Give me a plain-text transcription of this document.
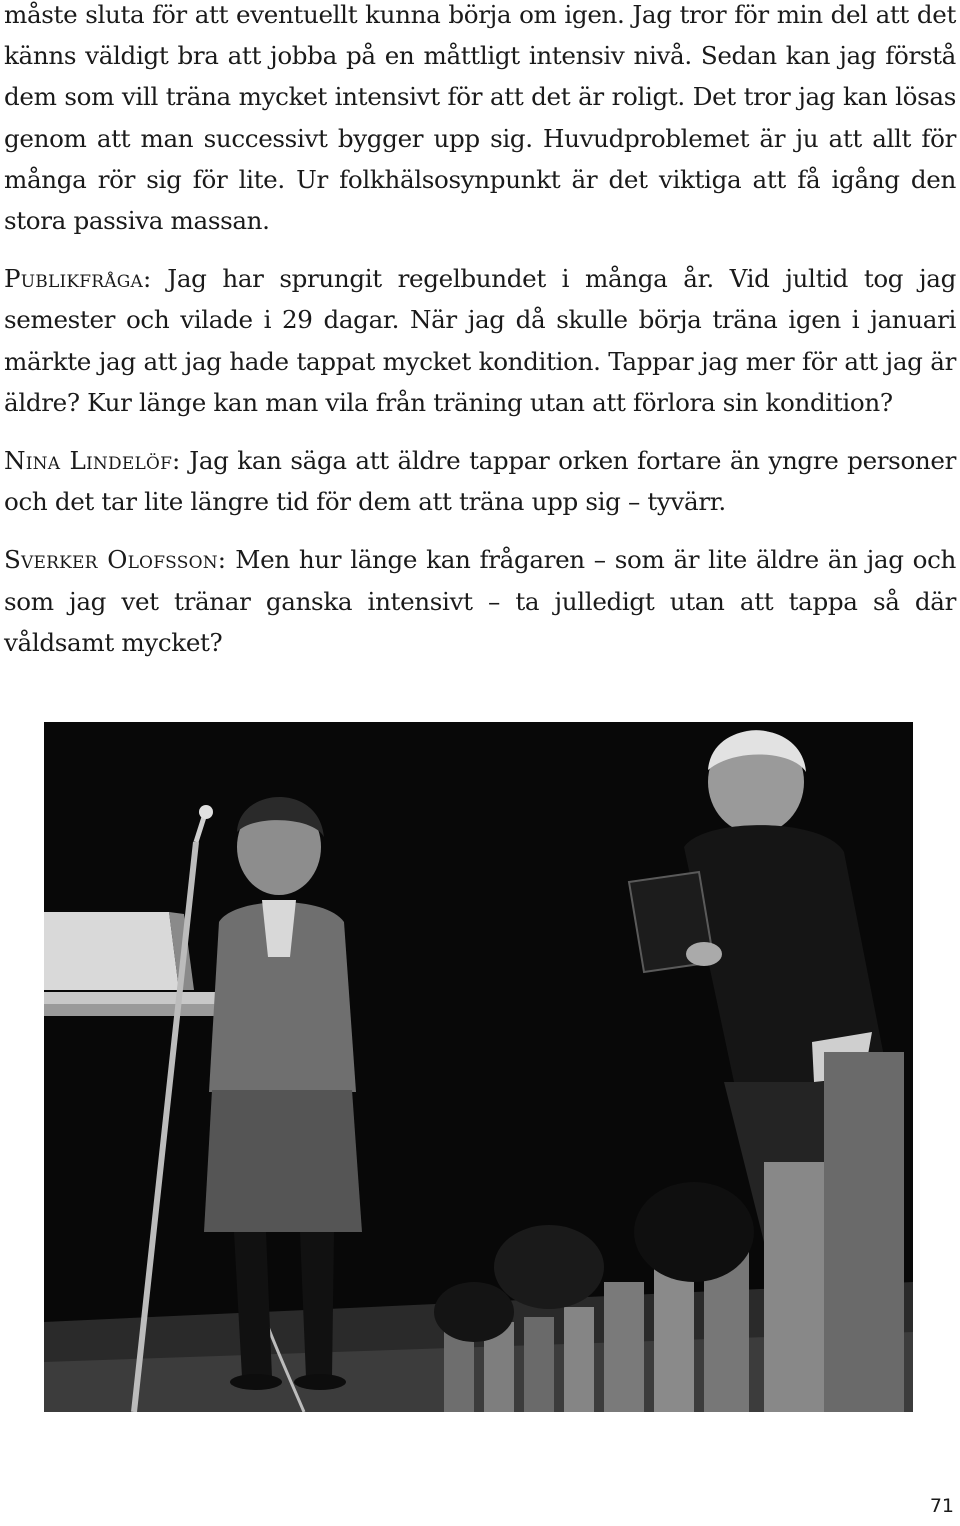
måste sluta för att eventuellt kunna börja om igen. Jag tror för min del att det känns väldigt bra att jobba på en måttligt intensiv nivå. Sedan kan jag förstå dem som vill träna mycket intensivt för att det är roligt. Det tror jag kan lösas genom att man successivt bygger upp sig. Huvudproblemet är ju att allt för många rör sig för lite. Ur folkhälsosynpunkt är det viktiga att få igång den stora passiva massan.

Publikfråga: Jag har sprungit regelbundet i många år. Vid jultid tog jag semester och vilade i 29 dagar. När jag då skulle börja träna igen i januari märkte jag att jag hade tappat mycket kondition. Tappar jag mer för att jag är äldre? Kur länge kan man vila från träning utan att förlora sin kondition?

Nina Lindelöf: Jag kan säga att äldre tappar orken fortare än yngre personer och det tar lite längre tid för dem att träna upp sig – tyvärr.

Sverker Olofsson: Men hur länge kan frågaren – som är lite äldre än jag och som jag vet tränar ganska intensivt – ta julledigt utan att tappa så där våldsamt mycket?

71
